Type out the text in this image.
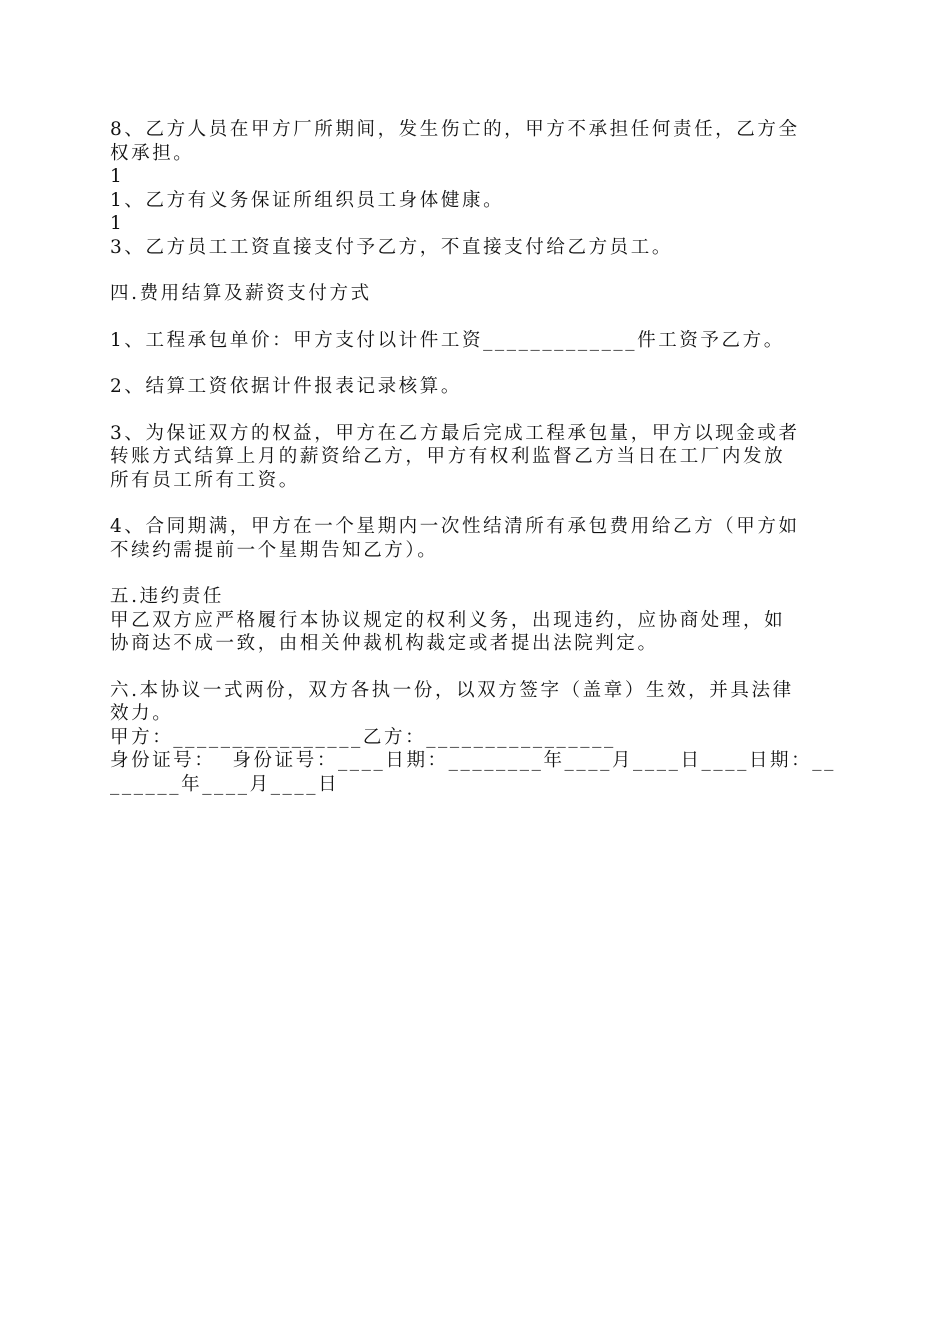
8、乙方人员在甲方厂所期间，发生伤亡的，甲方不承担任何责任，乙方全

权承担。

1

1、乙方有义务保证所组织员工身体健康。

1

3、乙方员工工资直接支付予乙方，不直接支付给乙方员工。

四.费用结算及薪资支付方式

1、工程承包单价：甲方支付以计件工资_____________件工资予乙方。

2、结算工资依据计件报表记录核算。

3、为保证双方的权益，甲方在乙方最后完成工程承包量，甲方以现金或者

转账方式结算上月的薪资给乙方，甲方有权利监督乙方当日在工厂内发放

所有员工所有工资。

4、合同期满，甲方在一个星期内一次性结清所有承包费用给乙方（甲方如

不续约需提前一个星期告知乙方）。

五.违约责任

甲乙双方应严格履行本协议规定的权利义务，出现违约，应协商处理，如

协商达不成一致，由相关仲裁机构裁定或者提出法院判定。

六.本协议一式两份，双方各执一份，以双方签字（盖章）生效，并具法律

效力。

甲方：________________乙方：________________

身份证号：  身份证号：____日期：________年____月____日____日期：__

______年____月____日
